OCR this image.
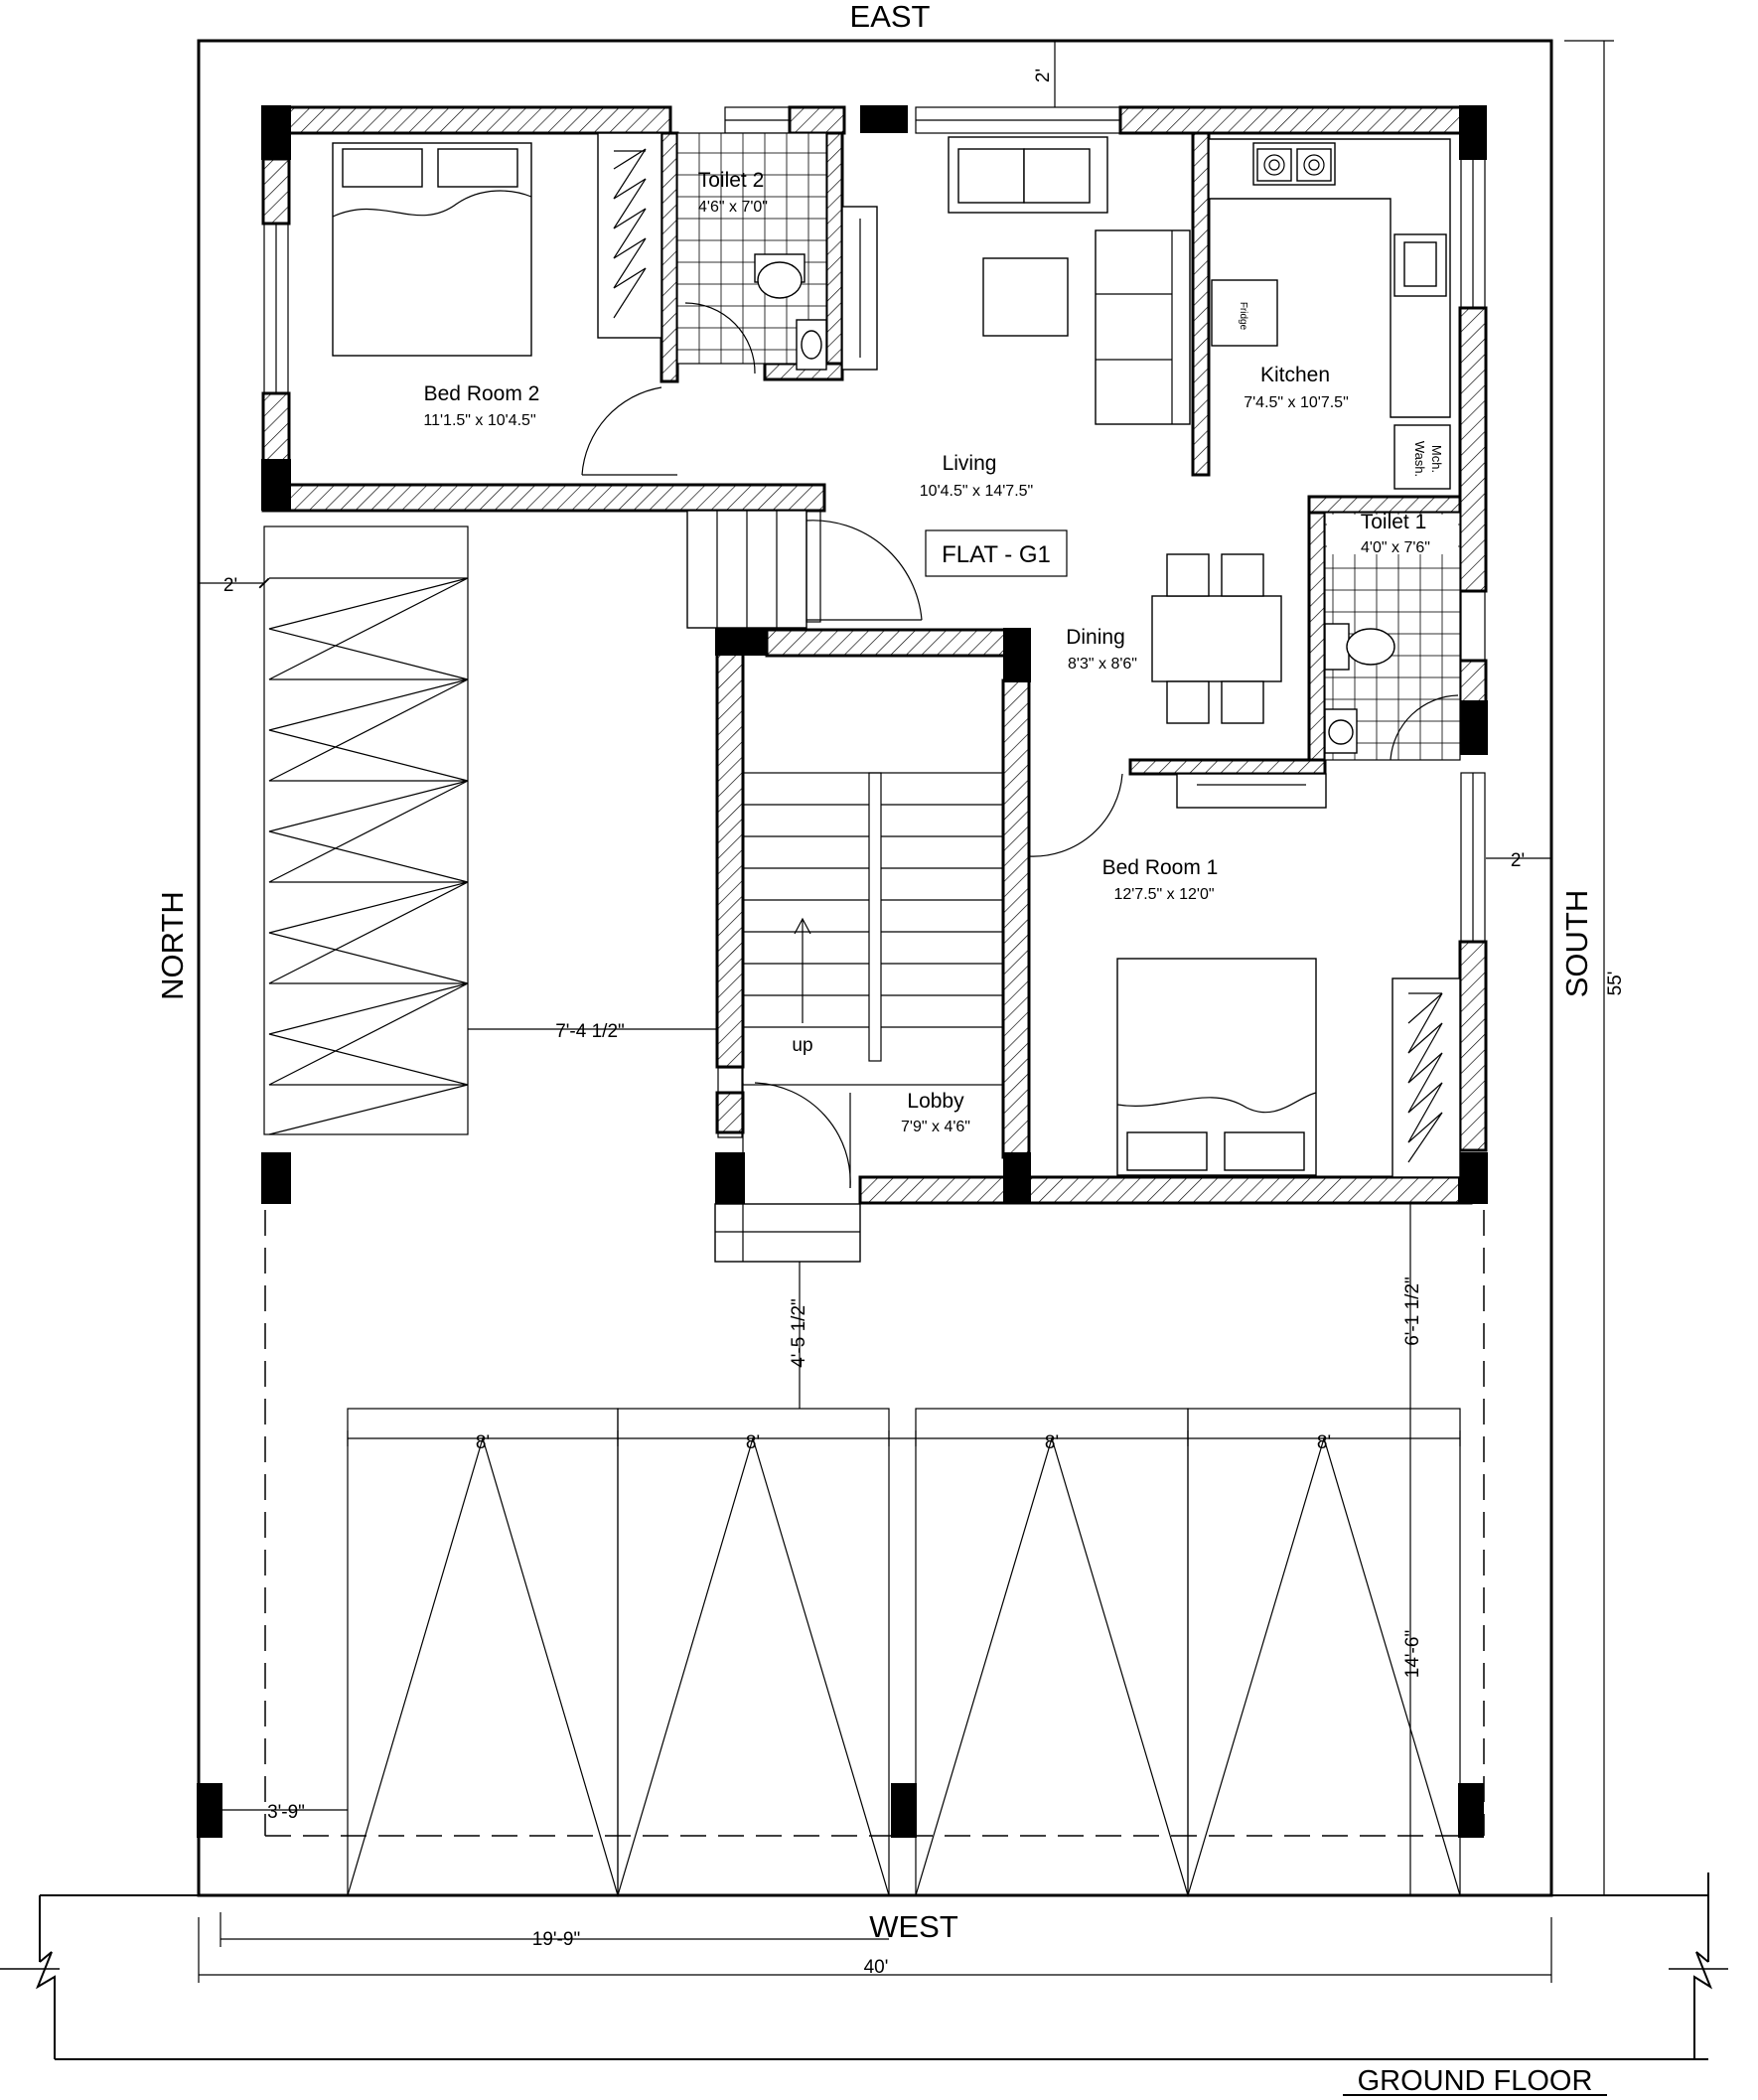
EAST
WEST
NORTH	SOUTH
FLAT - G1
Fridge
Wash. Mch.
up
Bed Room 2
11'1.5" x 10'4.5"
Toilet 2
4'6" x 7'0"
Living
10'4.5" x 14'7.5"
Kitchen
7'4.5" x 10'7.5"
Toilet 1
4'0" x 7'6"
Dining
8'3" x 8'6"
Bed Room 1
12'7.5" x 12'0"
Lobby
7'9" x 4'6"
2'
2'
2'
7'-4 1/2"
4'-5 1/2"	6'-1 1/2"
8'	8'	8'	8'
14'-6"
3'-9"
55'
19'-9"
40'
GROUND FLOOR
